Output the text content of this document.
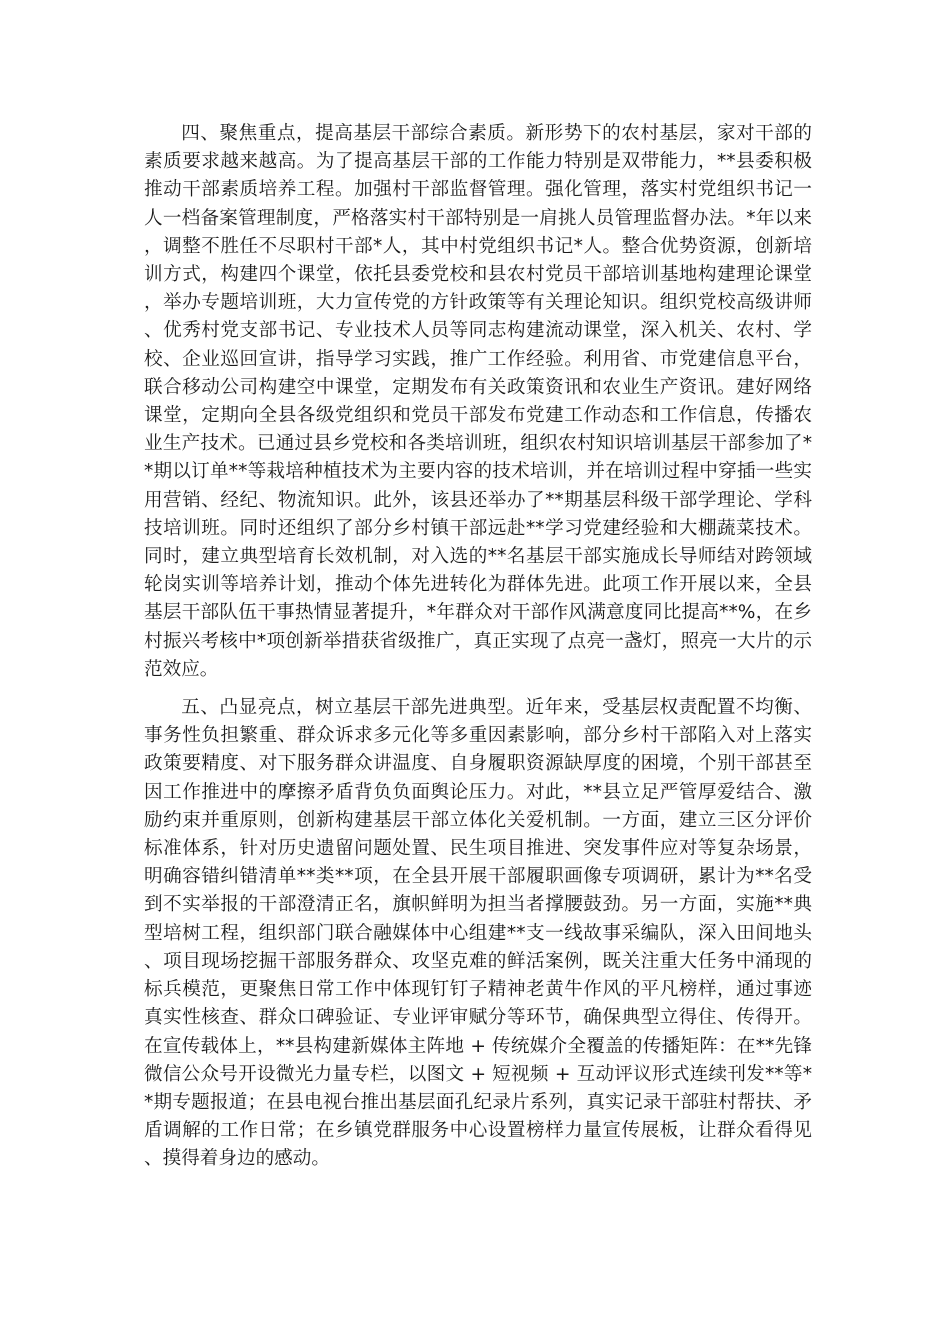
四、聚焦重点，提高基层干部综合素质。新形势下的农村基层，家对干部的素质要求越来越高。为了提高基层干部的工作能力特别是双带能力，**县委积极推动干部素质培养工程。加强村干部监督管理。强化管理，落实村党组织书记一人一档备案管理制度，严格落实村干部特别是一肩挑人员管理监督办法。*年以来，调整不胜任不尽职村干部*人，其中村党组织书记*人。整合优势资源，创新培训方式，构建四个课堂，依托县委党校和县农村党员干部培训基地构建理论课堂，举办专题培训班，大力宣传党的方针政策等有关理论知识。组织党校高级讲师、优秀村党支部书记、专业技术人员等同志构建流动课堂，深入机关、农村、学校、企业巡回宣讲，指导学习实践，推广工作经验。利用省、市党建信息平台，联合移动公司构建空中课堂，定期发布有关政策资讯和农业生产资讯。建好网络课堂，定期向全县各级党组织和党员干部发布党建工作动态和工作信息，传播农业生产技术。已通过县乡党校和各类培训班，组织农村知识培训基层干部参加了**期以订单**等栽培种植技术为主要内容的技术培训，并在培训过程中穿插一些实用营销、经纪、物流知识。此外，该县还举办了**期基层科级干部学理论、学科技培训班。同时还组织了部分乡村镇干部远赴**学习党建经验和大棚蔬菜技术。同时，建立典型培育长效机制，对入选的**名基层干部实施成长导师结对跨领域轮岗实训等培养计划，推动个体先进转化为群体先进。此项工作开展以来，全县基层干部队伍干事热情显著提升，*年群众对干部作风满意度同比提高**%，在乡村振兴考核中*项创新举措获省级推广，真正实现了点亮一盏灯，照亮一大片的示范效应。

五、凸显亮点，树立基层干部先进典型。近年来，受基层权责配置不均衡、事务性负担繁重、群众诉求多元化等多重因素影响，部分乡村干部陷入对上落实政策要精度、对下服务群众讲温度、自身履职资源缺厚度的困境，个别干部甚至因工作推进中的摩擦矛盾背负负面舆论压力。对此，**县立足严管厚爱结合、激励约束并重原则，创新构建基层干部立体化关爱机制。一方面，建立三区分评价标准体系，针对历史遗留问题处置、民生项目推进、突发事件应对等复杂场景，明确容错纠错清单**类**项，在全县开展干部履职画像专项调研，累计为**名受到不实举报的干部澄清正名，旗帜鲜明为担当者撑腰鼓劲。另一方面，实施**典型培树工程，组织部门联合融媒体中心组建**支一线故事采编队，深入田间地头、项目现场挖掘干部服务群众、攻坚克难的鲜活案例，既关注重大任务中涌现的标兵模范，更聚焦日常工作中体现钉钉子精神老黄牛作风的平凡榜样，通过事迹真实性核查、群众口碑验证、专业评审赋分等环节，确保典型立得住、传得开。在宣传载体上，**县构建新媒体主阵地 + 传统媒介全覆盖的传播矩阵：在**先锋微信公众号开设微光力量专栏，以图文 + 短视频 + 互动评议形式连续刊发**等**期专题报道；在县电视台推出基层面孔纪录片系列，真实记录干部驻村帮扶、矛盾调解的工作日常；在乡镇党群服务中心设置榜样力量宣传展板，让群众看得见、摸得着身边的感动。
